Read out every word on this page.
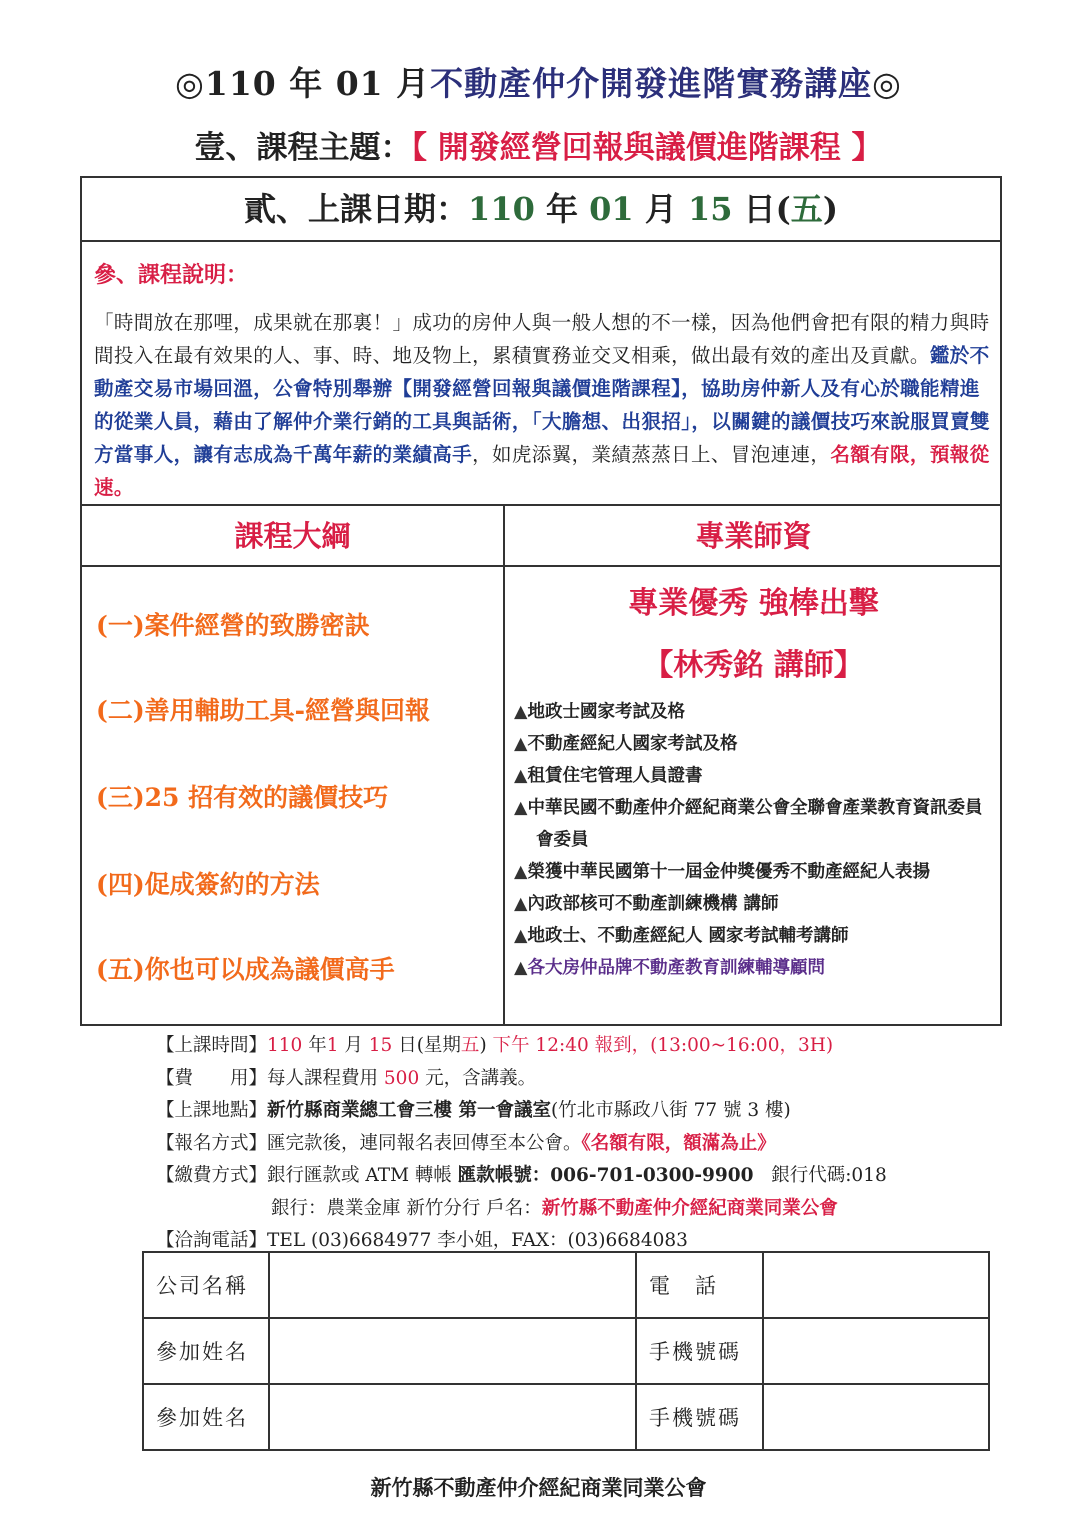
◎110 年 01 月不動產仲介開發進階實務講座◎
壹、課程主題：【 開發經營回報與議價進階課程 】
貳、上課日期：110 年 01 月 15 日(五)
參、課程說明：
「時間放在那哩，成果就在那裏！」成功的房仲人與一般人想的不一樣，因為他們會把有限的精力與時間投入在最有效果的人、事、時、地及物上，累積實務並交叉相乘，做出最有效的產出及貢獻。鑑於不動產交易市場回溫，公會特別舉辦【開發經營回報與議價進階課程】，協助房仲新人及有心於職能精進的從業人員，藉由了解仲介業行銷的工具與話術，「大膽想、出狠招」，以關鍵的議價技巧來說服買賣雙方當事人，讓有志成為千萬年薪的業績高手，如虎添翼，業績蒸蒸日上、冒泡連連，名額有限，預報從速。
課程大綱	專業師資
(一)案件經營的致勝密訣
(二)善用輔助工具-經營與回報
(三)25 招有效的議價技巧
(四)促成簽約的方法
(五)你也可以成為議價高手
專業優秀 強棒出擊
【林秀銘 講師】
▲地政士國家考試及格
▲不動產經紀人國家考試及格
▲租賃住宅管理人員證書
▲中華民國不動產仲介經紀商業公會全聯會產業教育資訊委員會委員
▲榮獲中華民國第十一屆金仲獎優秀不動產經紀人表揚
▲內政部核可不動產訓練機構 講師
▲地政士、不動產經紀人 國家考試輔考講師
▲各大房仲品牌不動產教育訓練輔導顧問
【上課時間】110 年1 月 15 日(星期五) 下午 12:40 報到，(13:00~16:00，3H)
【費　　用】每人課程費用 500 元，含講義。
【上課地點】新竹縣商業總工會三樓 第一會議室(竹北市縣政八街 77 號 3 樓)
【報名方式】匯完款後，連同報名表回傳至本公會。《名額有限，額滿為止》
【繳費方式】銀行匯款或 ATM 轉帳 匯款帳號：006-701-0300-9900   銀行代碼:018
銀行：農業金庫 新竹分行 戶名：新竹縣不動產仲介經紀商業同業公會
【洽詢電話】TEL (03)6684977 李小姐，FAX：(03)6684083
公司名稱		電　話	
參加姓名		手機號碼	
參加姓名		手機號碼	
新竹縣不動產仲介經紀商業同業公會
